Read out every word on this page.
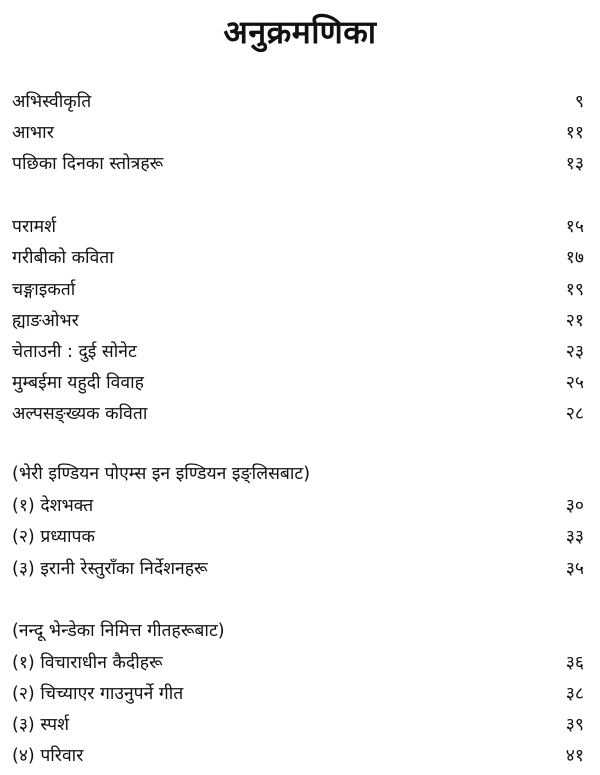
अनुक्रमणिका
अभिस्वीकृति	९
आभार	११
पछिका दिनका स्तोत्रहरू	१३
परामर्श	१५
गरीबीको कविता	१७
चङ्गाइकर्ता	१९
ह्याङओभर	२१
चेताउनी : दुई सोनेट	२३
मुम्बईमा यहुदी विवाह	२५
अल्पसङ्ख्यक कविता	२८
(भेरी इण्डियन पोएम्स इन इण्डियन इङ्लिसबाट)
(१) देशभक्त	३०
(२) प्रध्यापक	३३
(३) इरानी रेस्तुराँका निर्देशनहरू	३५
(नन्दू भेन्डेका निमित्त गीतहरूबाट)
(१) विचाराधीन कैदीहरू	३६
(२) चिच्याएर गाउनुपर्ने गीत	३८
(३) स्पर्श	३९
(४) परिवार	४१
